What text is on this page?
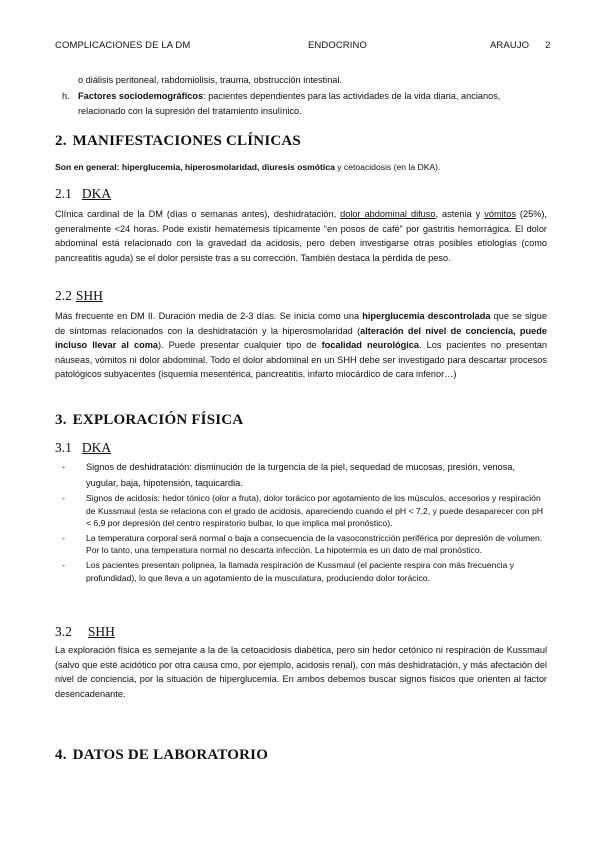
COMPLICACIONES DE LA DM	ENDOCRINO	ARAUJO 2
o diálisis peritoneal, rabdomiolisis, trauma, obstrucción intestinal.
h. Factores sociodemográficos: pacientes dependientes para las actividades de la vida diaria, ancianos,
relacionado con la supresión del tratamiento insulínico.
2. MANIFESTACIONES CLÍNICAS
Son en general: hiperglucemia, hiperosmolaridad, diuresis osmótica y cetoacidosis (en la DKA).
2.1 DKA
Clínica cardinal de la DM (días o semanas antes), deshidratación, dolor abdominal difuso, astenia y vómitos (25%), generalmente <24 horas. Pode existir hematemesis típicamente “en posos de café” por gastritis hemorrágica. El dolor abdominal está relacionado con la gravedad da acidosis, pero deben investigarse otras posibles etiologías (como pancreatitis aguda) se el dolor persiste tras a su corrección. También destaca la pérdida de peso.
2.2 SHH
Más frecuente en DM II. Duración media de 2-3 días. Se inicia como una hiperglucemia descontrolada que se sigue de síntomas relacionados con la deshidratación y la hiperosmolaridad (alteración del nivel de conciencia, puede incluso llevar al coma). Puede presentar cualquier tipo de focalidad neurológica. Los pacientes no presentan náuseas, vómitos ni dolor abdominal. Todo el dolor abdominal en un SHH debe ser investigado para descartar procesos patológicos subyacentes (isquemia mesentérica, pancreatitis, infarto miocárdico de cara inferior…)
3. EXPLORACIÓN FÍSICA
3.1 DKA
- Signos de deshidratación: disminución de la turgencia de la piel, sequedad de mucosas, presión, venosa, yugular, baja, hipotensión, taquicardia.
- Signos de acidosis: hedor tónico (olor a fruta), dolor torácico por agotamiento de los músculos, accesorios y respiración de Kussmaul (esta se relaciona con el grado de acidosis, apareciendo cuando el pH < 7,2, y puede desaparecer con pH < 6,9 por depresión del centro respiratorio bulbar, lo que implica mal pronóstico).
- La temperatura corporal será normal o baja a consecuencia de la vasoconstricción periférica por depresión de volumen. Por lo tanto, una temperatura normal no descarta infección. La hipotermia es un dato de mal pronóstico.
- Los pacientes presentan polipnea, la llamada respiración de Kussmaul (el paciente respira con más frecuencia y profundidad), lo que lleva a un agotamiento de la musculatura, produciendo dolor torácico.
3.2 SHH
La exploración física es semejante a la de la cetoacidosis diabética, pero sin hedor cetónico ni respiración de Kussmaul (salvo que esté acidótico por otra causa cmo, por ejemplo, acidosis renal), con más deshidratación, y más afectación del nivel de conciencia, por la situación de hiperglucemia. En ambos debemos buscar signos físicos que orienten al factor desencadenante.
4. DATOS DE LABORATORIO
